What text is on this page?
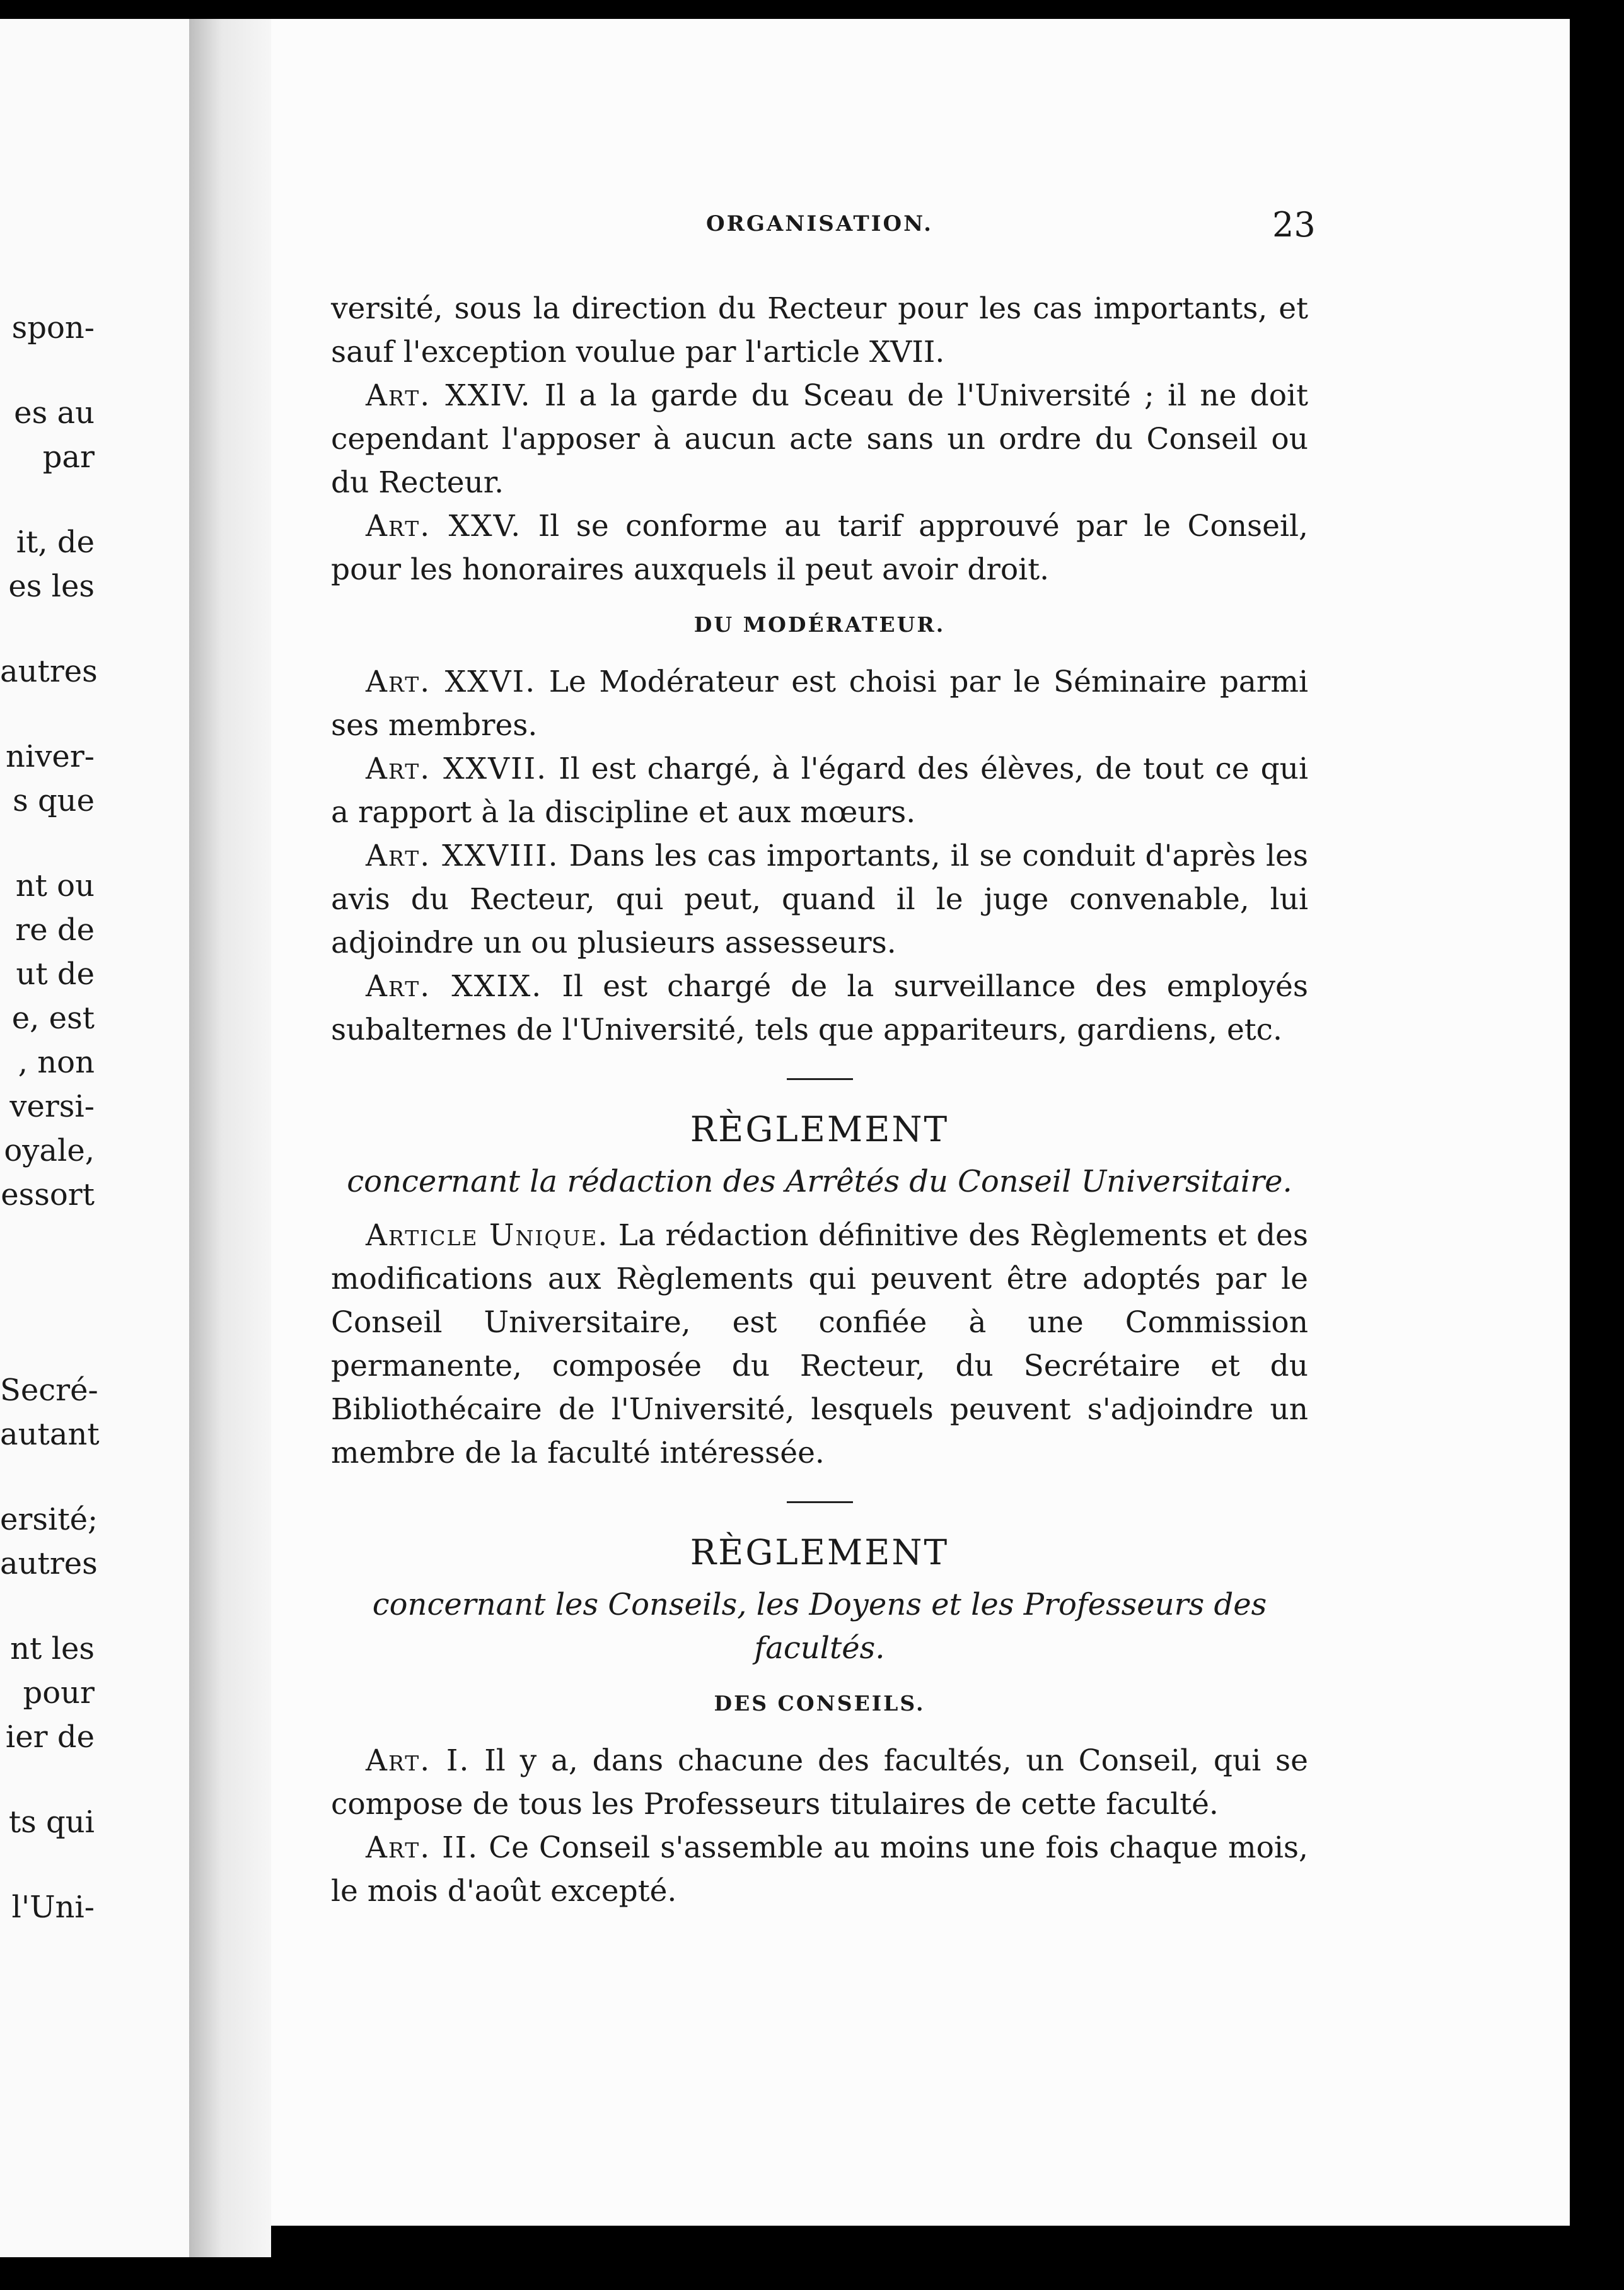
spon-
es au
par
it, de
es les
autres
niver-
s que
nt ou
re de
ut de
e, est
, non
versi-
oyale,
essort
Secré-
autant
ersité;
autres
nt les
pour
ier de
ts qui
l'Uni-
ORGANISATION.	23

versité, sous la direction du Recteur pour les cas importants, et sauf l'exception voulue par l'article XVII.

Art. XXIV. Il a la garde du Sceau de l'Université ; il ne doit cependant l'apposer à aucun acte sans un ordre du Conseil ou du Recteur.

Art. XXV. Il se conforme au tarif approuvé par le Conseil, pour les honoraires auxquels il peut avoir droit.

DU MODÉRATEUR.

Art. XXVI. Le Modérateur est choisi par le Séminaire parmi ses membres.

Art. XXVII. Il est chargé, à l'égard des élèves, de tout ce qui a rapport à la discipline et aux mœurs.

Art. XXVIII. Dans les cas importants, il se conduit d'après les avis du Recteur, qui peut, quand il le juge convenable, lui adjoindre un ou plusieurs assesseurs.

Art. XXIX. Il est chargé de la surveillance des employés subalternes de l'Université, tels que appariteurs, gardiens, etc.

RÈGLEMENT
concernant la rédaction des Arrêtés du Conseil Universitaire.

Article Unique. La rédaction définitive des Règlements et des modifications aux Règlements qui peuvent être adoptés par le Conseil Universitaire, est confiée à une Commission permanente, composée du Recteur, du Secrétaire et du Bibliothécaire de l'Université, lesquels peuvent s'adjoindre un membre de la faculté intéressée.

RÈGLEMENT
concernant les Conseils, les Doyens et les Professeurs des facultés.
DES CONSEILS.

Art. I. Il y a, dans chacune des facultés, un Conseil, qui se compose de tous les Professeurs titulaires de cette faculté.

Art. II. Ce Conseil s'assemble au moins une fois chaque mois, le mois d'août excepté.
